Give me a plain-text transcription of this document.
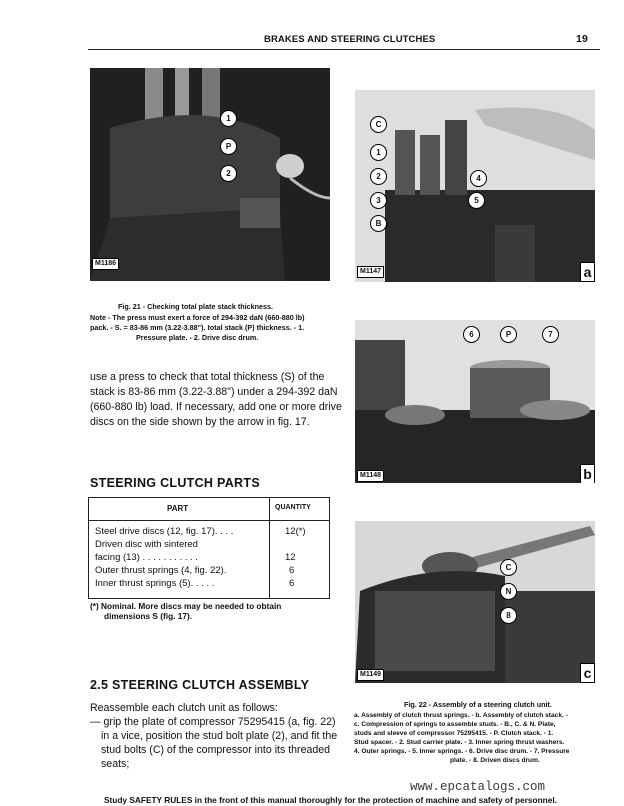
BRAKES AND STEERING CLUTCHES	19
M1186
1
P
2
C
1
2
3
B
4
5
M1147	a
Fig. 21 - Checking total plate stack thickness.
Note - The press must exert a force of 294-392 daN (660-880 lb)
pack. - S. = 83-86 mm (3.22-3.88"). total stack (P) thickness. - 1.
Pressure plate. - 2. Drive disc drum.
use a press to check that total thickness (S) of the
stack is 83-86 mm (3.22-3.88") under a 294-392 daN
(660-880 lb) load. If necessary, add one or more drive
discs on the side shown by the arrow in fig. 17.
6	P	7
M1148	b
STEERING CLUTCH PARTS
PART	QUANTITY
Steel drive discs (12, fig. 17). . . .	12(*)
Driven disc with sintered
facing (13) . . . . . . . . . . .	12
Outer thrust springs (4, fig. 22).	6
Inner thrust springs (5). . . . .	6
(*) Nominal. More discs may be needed to obtain
dimensions S (fig. 17).
C
N
8
M1149	c
2.5 STEERING CLUTCH ASSEMBLY
Reassemble each clutch unit as follows:
— grip the plate of compressor 75295415 (a, fig. 22)
in a vice, position the stud bolt plate (2), and fit the
stud bolts (C) of the compressor into its threaded
seats;
Fig. 22 - Assembly of a steering clutch unit.
a. Assembly of clutch thrust springs. - b. Assembly of clutch stack. -
c. Compression of springs to assemble studs. - B., C. & N. Plate,
studs and sleeve of compressor 75295415. - P. Clutch stack. - 1.
Stud spacer. - 2. Stud carrier plate. - 3. Inner spring thrust washers.
4. Outer springs. - 5. Inner springs. - 6. Drive disc drum. - 7. Pressure
plate. - 8. Driven discs drum.
www.epcatalogs.com
Study SAFETY RULES in the front of this manual thoroughly for the protection of machine and safety of personnel.
